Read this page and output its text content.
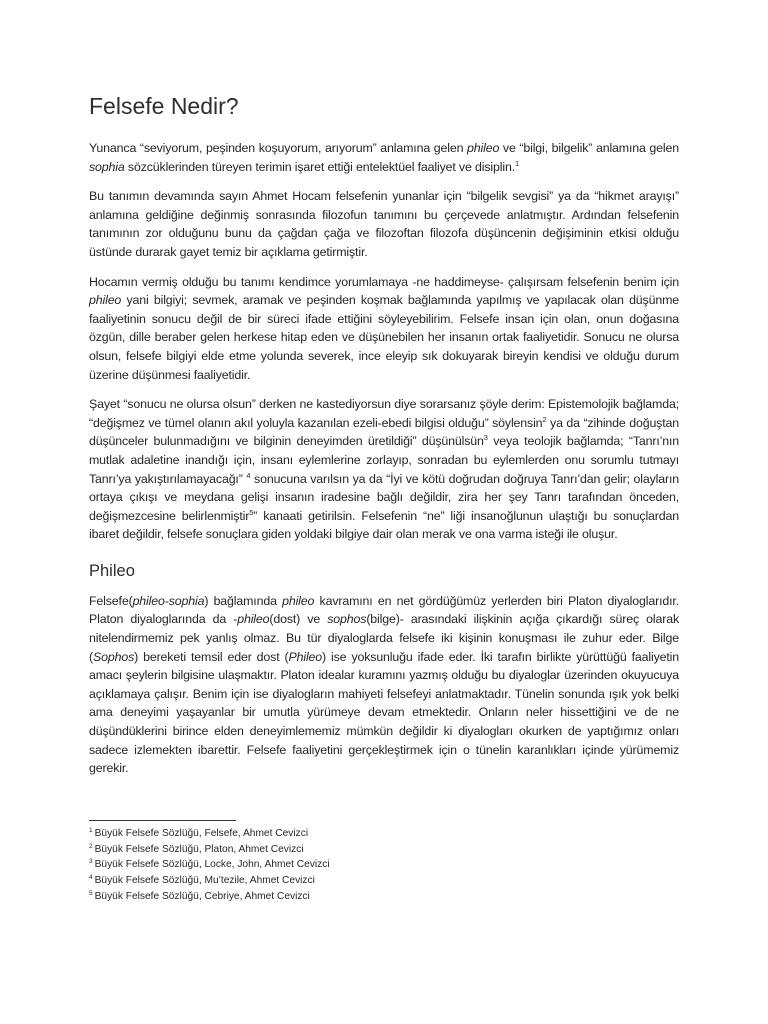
Felsefe Nedir?

Yunanca “seviyorum, peşinden koşuyorum, arıyorum” anlamına gelen phileo ve “bilgi, bilgelik” anlamına gelen sophia sözcüklerinden türeyen terimin işaret ettiği entelektüel faaliyet ve disiplin.$^1$

Bu tanımın devamında sayın Ahmet Hocam felsefenin yunanlar için “bilgelik sevgisi” ya da “hikmet arayışı” anlamına geldiğine değinmiş sonrasında filozofun tanımını bu çerçevede anlatmıştır. Ardından felsefenin tanımının zor olduğunu bunu da çağdan çağa ve filozoftan filozofa düşüncenin değişiminin etkisi olduğu üstünde durarak gayet temiz bir açıklama getirmiştir.

Hocamın vermiş olduğu bu tanımı kendimce yorumlamaya -ne haddimeyse- çalışırsam felsefenin benim için phileo yani bilgiyi; sevmek, aramak ve peşinden koşmak bağlamında yapılmış ve yapılacak olan düşünme faaliyetinin sonucu değil de bir süreci ifade ettiğini söyleyebilirim. Felsefe insan için olan, onun doğasına özgün, dille beraber gelen herkese hitap eden ve düşünebilen her insanın ortak faaliyetidir. Sonucu ne olursa olsun, felsefe bilgiyi elde etme yolunda severek, ince eleyip sık dokuyarak bireyin kendisi ve olduğu durum üzerine düşünmesi faaliyetidir.

Şayet “sonucu ne olursa olsun” derken ne kastediyorsun diye sorarsanız şöyle derim: Epistemolojik bağlamda; “değişmez ve tümel olanın akıl yoluyla kazanılan ezeli-ebedi bilgisi olduğu” söylensin$^2$ ya da “zihinde doğuştan düşünceler bulunmadığını ve bilginin deneyimden üretildiği” düşünülsün$^3$ veya teolojik bağlamda; “Tanrı’nın mutlak adaletine inandığı için, insanı eylemlerine zorlayıp, sonradan bu eylemlerden onu sorumlu tutmayı Tanrı’ya yakıştırılamayacağı” $^4$ sonucuna varılsın ya da “İyi ve kötü doğrudan doğruya Tanrı’dan gelir; olayların ortaya çıkışı ve meydana gelişi insanın iradesine bağlı değildir, zira her şey Tanrı tarafından önceden, değişmezcesine belirlenmiştir$^5$” kanaati getirilsin. Felsefenin “ne” liği insanoğlunun ulaştığı bu sonuçlardan ibaret değildir, felsefe sonuçlara giden yoldaki bilgiye dair olan merak ve ona varma isteği ile oluşur.

Phileo

Felsefe(phileo-sophia) bağlamında phileo kavramını en net gördüğümüz yerlerden biri Platon diyaloglarıdır. Platon diyaloglarında da -phileo(dost) ve sophos(bilge)- arasındaki ilişkinin açığa çıkardığı süreç olarak nitelendirmemiz pek yanlış olmaz. Bu tür diyaloglarda felsefe iki kişinin konuşması ile zuhur eder. Bilge (Sophos) bereketi temsil eder dost (Phileo) ise yoksunluğu ifade eder. İki tarafın birlikte yürüttüğü faaliyetin amacı şeylerin bilgisine ulaşmaktır. Platon idealar kuramını yazmış olduğu bu diyaloglar üzerinden okuyucuya açıklamaya çalışır. Benim için ise diyalogların mahiyeti felsefeyi anlatmaktadır. Tünelin sonunda ışık yok belki ama deneyimi yaşayanlar bir umutla yürümeye devam etmektedir. Onların neler hissettiğini ve de ne düşündüklerini birince elden deneyimlememiz mümkün değildir ki diyalogları okurken de yaptığımız onları sadece izlemekten ibarettir. Felsefe faaliyetini gerçekleştirmek için o tünelin karanlıkları içinde yürümemiz gerekir.

$^1$ Büyük Felsefe Sözlüğü, Felsefe, Ahmet Cevizci
$^2$ Büyük Felsefe Sözlüğü, Platon, Ahmet Cevizci
$^3$ Büyük Felsefe Sözlüğü, Locke, John, Ahmet Cevizci
$^4$ Büyük Felsefe Sözlüğü, Mu’tezile, Ahmet Cevizci
$^5$ Büyük Felsefe Sözlüğü, Cebriye, Ahmet Cevizci
